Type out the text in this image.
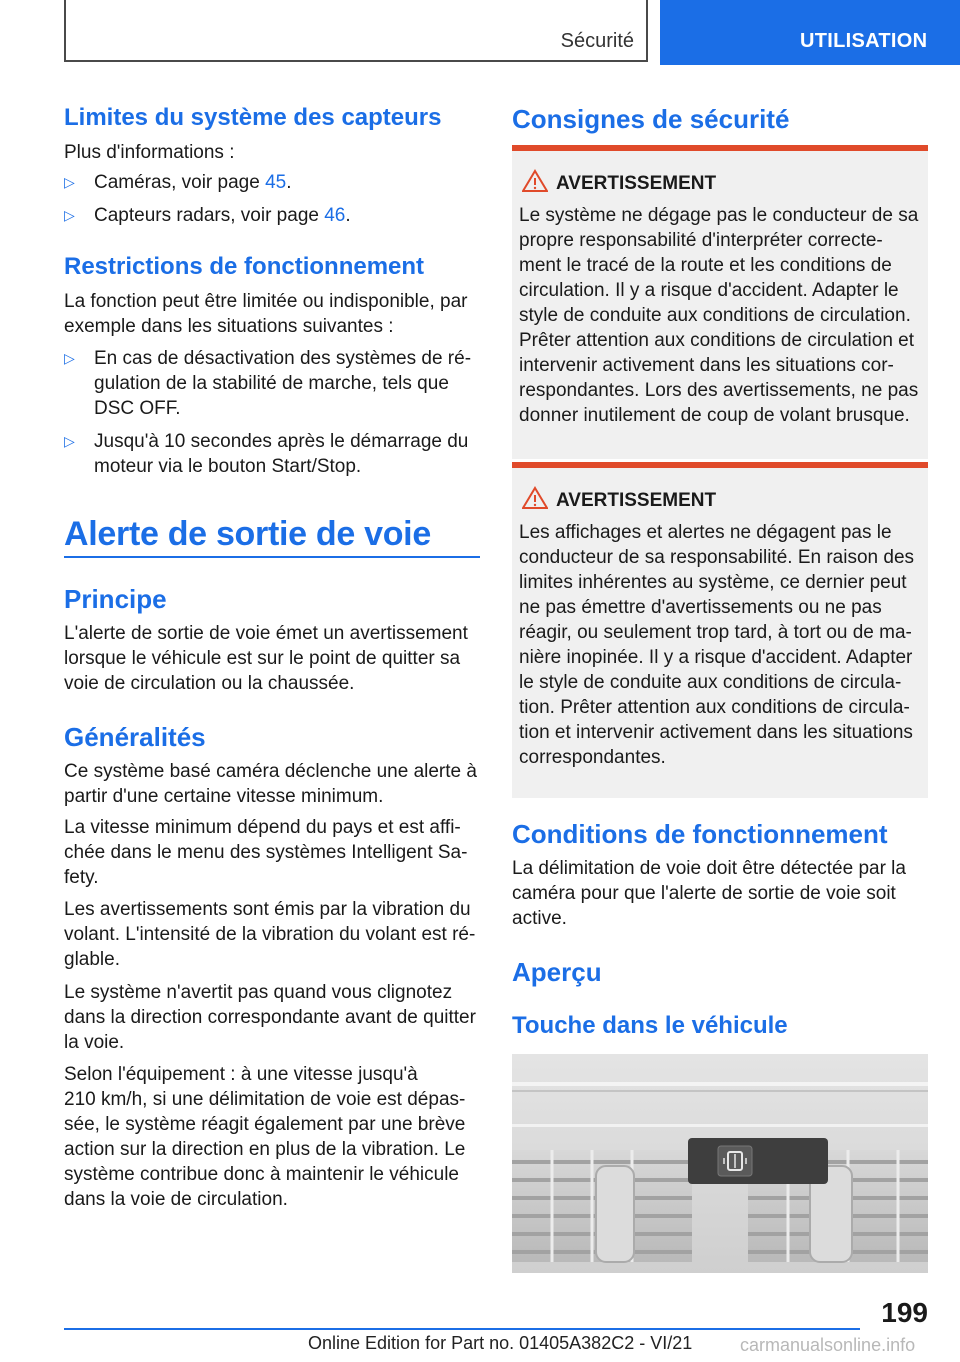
Sécurité	UTILISATION
Limites du système des capteurs
Plus d'informations :
▷ Caméras, voir page 45.
▷ Capteurs radars, voir page 46.
Restrictions de fonctionnement
La fonction peut être limitée ou indisponible, par
exemple dans les situations suivantes :
▷ En cas de désactivation des systèmes de ré-
gulation de la stabilité de marche, tels que
DSC OFF.
▷ Jusqu'à 10 secondes après le démarrage du
moteur via le bouton Start/Stop.
Alerte de sortie de voie
Principe
L'alerte de sortie de voie émet un avertissement
lorsque le véhicule est sur le point de quitter sa
voie de circulation ou la chaussée.
Généralités
Ce système basé caméra déclenche une alerte à
partir d'une certaine vitesse minimum.
La vitesse minimum dépend du pays et est affi-
chée dans le menu des systèmes Intelligent Sa-
fety.
Les avertissements sont émis par la vibration du
volant. L'intensité de la vibration du volant est ré-
glable.
Le système n'avertit pas quand vous clignotez
dans la direction correspondante avant de quitter
la voie.
Selon l'équipement : à une vitesse jusqu'à
210 km/h, si une délimitation de voie est dépas-
sée, le système réagit également par une brève
action sur la direction en plus de la vibration. Le
système contribue donc à maintenir le véhicule
dans la voie de circulation.
Consignes de sécurité
AVERTISSEMENT
Le système ne dégage pas le conducteur de sa
propre responsabilité d'interpréter correcte-
ment le tracé de la route et les conditions de
circulation. Il y a risque d'accident. Adapter le
style de conduite aux conditions de circulation.
Prêter attention aux conditions de circulation et
intervenir activement dans les situations cor-
respondantes. Lors des avertissements, ne pas
donner inutilement de coup de volant brusque.
AVERTISSEMENT
Les affichages et alertes ne dégagent pas le
conducteur de sa responsabilité. En raison des
limites inhérentes au système, ce dernier peut
ne pas émettre d'avertissements ou ne pas
réagir, ou seulement trop tard, à tort ou de ma-
nière inopinée. Il y a risque d'accident. Adapter
le style de conduite aux conditions de circula-
tion. Prêter attention aux conditions de circula-
tion et intervenir activement dans les situations
correspondantes.
Conditions de fonctionnement
La délimitation de voie doit être détectée par la
caméra pour que l'alerte de sortie de voie soit
active.
Aperçu
Touche dans le véhicule
199
Online Edition for Part no. 01405A382C2 - VI/21	carmanualsonline.info
